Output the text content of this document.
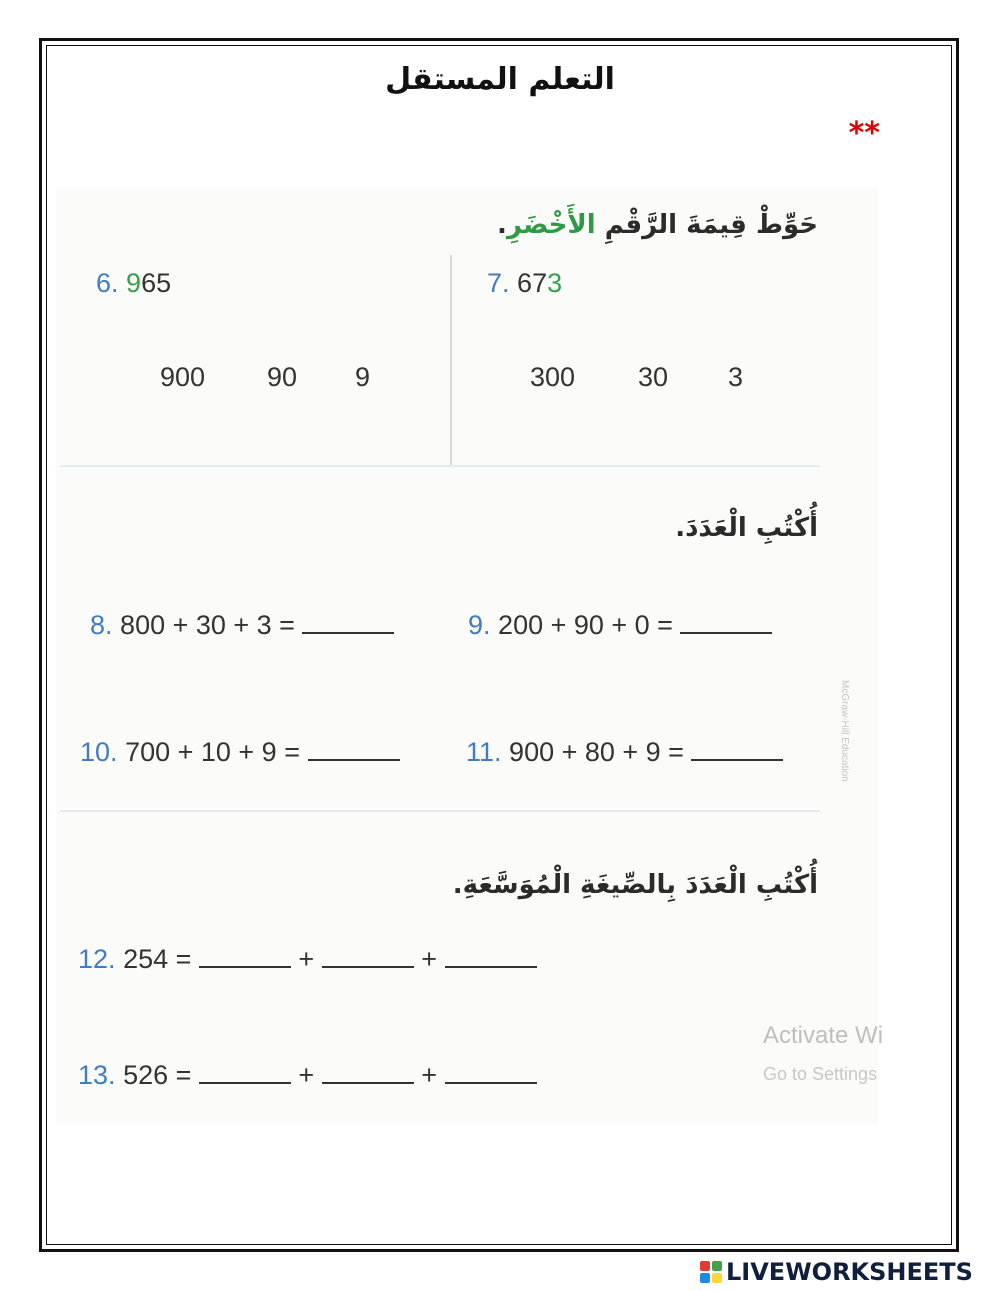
التعلم المستقل
**
حَوِّطْ قِيمَةَ الرَّقْمِ الأَخْضَرِ.
6. 965
900 90 9
7. 673
300 30 3
أُكْتُبِ الْعَدَدَ.
8. 800 + 30 + 3 =	9. 200 + 90 + 0 =
10. 700 + 10 + 9 =	11. 900 + 80 + 9 =
أُكْتُبِ الْعَدَدَ بِالصِّيغَةِ الْمُوَسَّعَةِ.
12. 254 =	+	+
13. 526 =	+	+
McGraw-Hill Education
Activate Wi
Go to Settings
LIVEWORKSHEETS
